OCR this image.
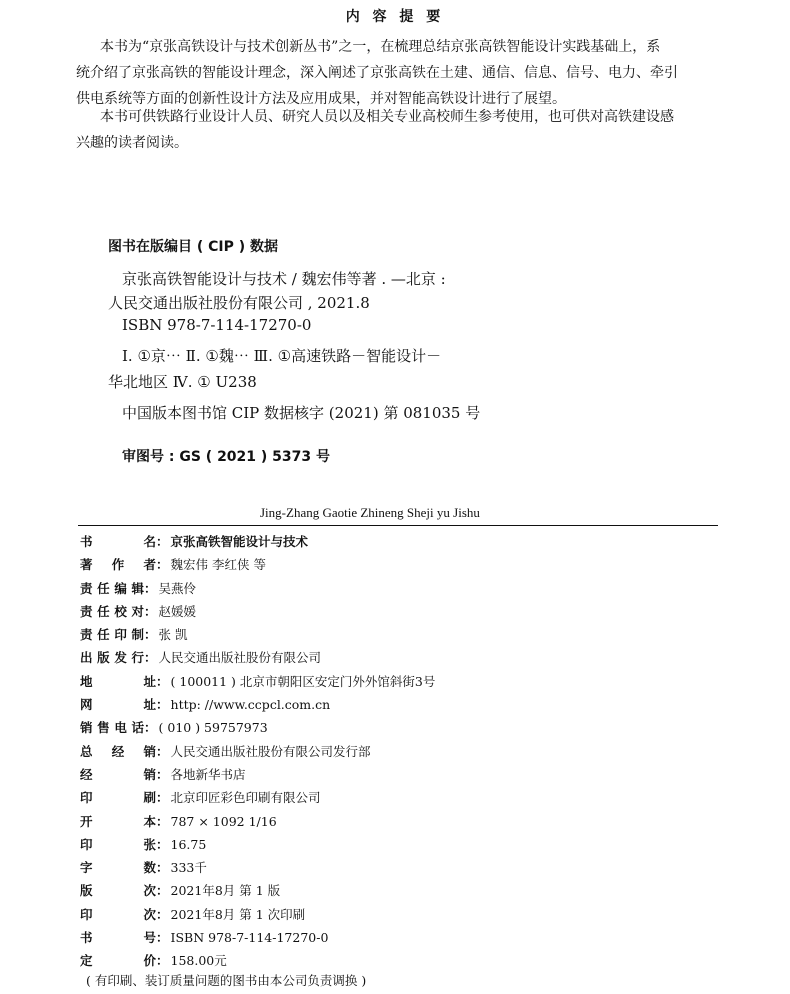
内 容 提 要
本书为“京张高铁设计与技术创新丛书”之一，在梳理总结京张高铁智能设计实践基础上，系
统介绍了京张高铁的智能设计理念，深入阐述了京张高铁在土建、通信、信息、信号、电力、牵引
供电系统等方面的创新性设计方法及应用成果，并对智能高铁设计进行了展望。
本书可供铁路行业设计人员、研究人员以及相关专业高校师生参考使用，也可供对高铁建设感
兴趣的读者阅读。
图书在版编目 ( CIP ) 数据
京张高铁智能设计与技术 / 魏宏伟等著 . —北京 :
人民交通出版社股份有限公司 , 2021.8
ISBN 978-7-114-17270-0
Ⅰ. ①京⋯ Ⅱ. ①魏⋯ Ⅲ. ①高速铁路－智能设计－
华北地区 Ⅳ. ① U238
中国版本图书馆 CIP 数据核字 (2021) 第 081035 号
审图号 : GS ( 2021 ) 5373 号
Jing-Zhang Gaotie Zhineng Sheji yu Jishu
书	名 ： 京张高铁智能设计与技术
著 作 者 ： 魏宏伟 李红侠 等
责 任 编 辑 ： 吴燕伶
责 任 校 对 ： 赵媛媛
责 任 印 制 ： 张 凯
出 版 发 行 ： 人民交通出版社股份有限公司
地	址 ： ( 100011 ) 北京市朝阳区安定门外外馆斜街3号
网	址 ： http: //www.ccpcl.com.cn
销 售 电 话 ： ( 010 ) 59757973
总 经 销 ： 人民交通出版社股份有限公司发行部
经	销 ： 各地新华书店
印	刷 ： 北京印匠彩色印刷有限公司
开	本 ： 787 × 1092 1/16
印	张 ： 16.75
字	数 ： 333千
版	次 ： 2021年8月 第 1 版
印	次 ： 2021年8月 第 1 次印刷
书	号 ： ISBN 978-7-114-17270-0
定	价 ： 158.00元
( 有印刷、装订质量问题的图书由本公司负责调换 )
